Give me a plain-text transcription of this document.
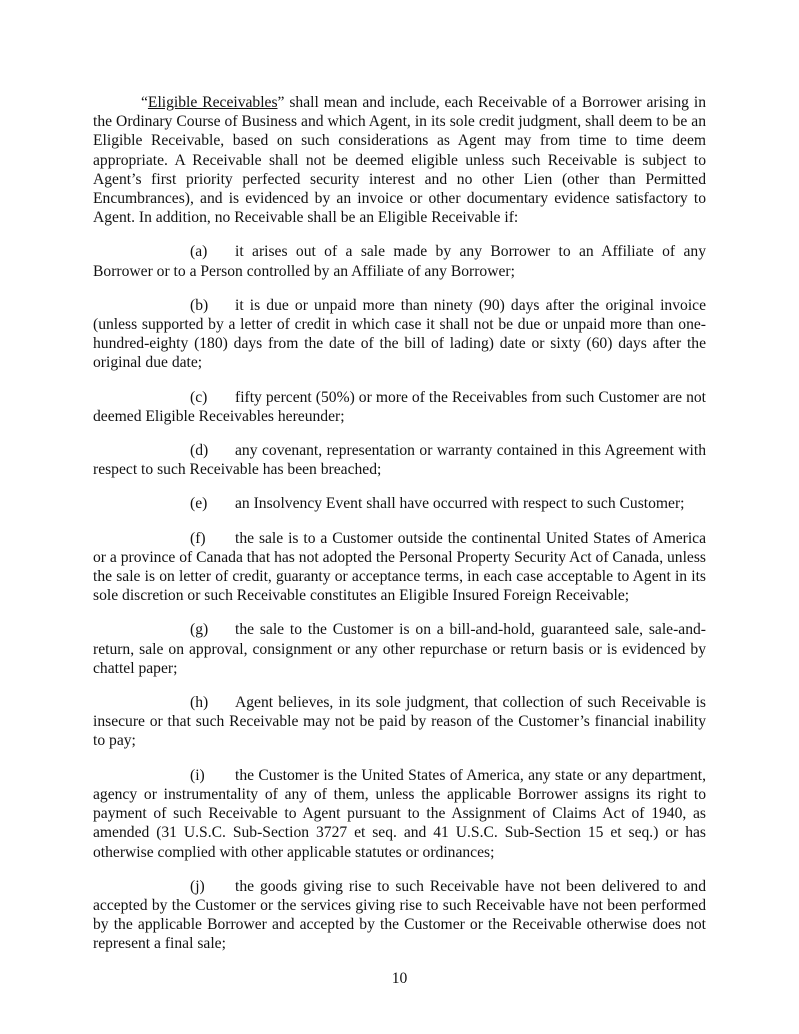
“Eligible Receivables” shall mean and include, each Receivable of a Borrower arising in the Ordinary Course of Business and which Agent, in its sole credit judgment, shall deem to be an Eligible Receivable, based on such considerations as Agent may from time to time deem appropriate. A Receivable shall not be deemed eligible unless such Receivable is subject to Agent’s first priority perfected security interest and no other Lien (other than Permitted Encumbrances), and is evidenced by an invoice or other documentary evidence satisfactory to Agent. In addition, no Receivable shall be an Eligible Receivable if:

(a) it arises out of a sale made by any Borrower to an Affiliate of any Borrower or to a Person controlled by an Affiliate of any Borrower;

(b) it is due or unpaid more than ninety (90) days after the original invoice (unless supported by a letter of credit in which case it shall not be due or unpaid more than one-hundred-eighty (180) days from the date of the bill of lading) date or sixty (60) days after the original due date;

(c) fifty percent (50%) or more of the Receivables from such Customer are not deemed Eligible Receivables hereunder;

(d) any covenant, representation or warranty contained in this Agreement with respect to such Receivable has been breached;

(e) an Insolvency Event shall have occurred with respect to such Customer;

(f) the sale is to a Customer outside the continental United States of America or a province of Canada that has not adopted the Personal Property Security Act of Canada, unless the sale is on letter of credit, guaranty or acceptance terms, in each case acceptable to Agent in its sole discretion or such Receivable constitutes an Eligible Insured Foreign Receivable;

(g) the sale to the Customer is on a bill-and-hold, guaranteed sale, sale-and-return, sale on approval, consignment or any other repurchase or return basis or is evidenced by chattel paper;

(h) Agent believes, in its sole judgment, that collection of such Receivable is insecure or that such Receivable may not be paid by reason of the Customer’s financial inability to pay;

(i) the Customer is the United States of America, any state or any department, agency or instrumentality of any of them, unless the applicable Borrower assigns its right to payment of such Receivable to Agent pursuant to the Assignment of Claims Act of 1940, as amended (31 U.S.C. Sub-Section 3727 et seq. and 41 U.S.C. Sub-Section 15 et seq.) or has otherwise complied with other applicable statutes or ordinances;

(j) the goods giving rise to such Receivable have not been delivered to and accepted by the Customer or the services giving rise to such Receivable have not been performed by the applicable Borrower and accepted by the Customer or the Receivable otherwise does not represent a final sale;

10
